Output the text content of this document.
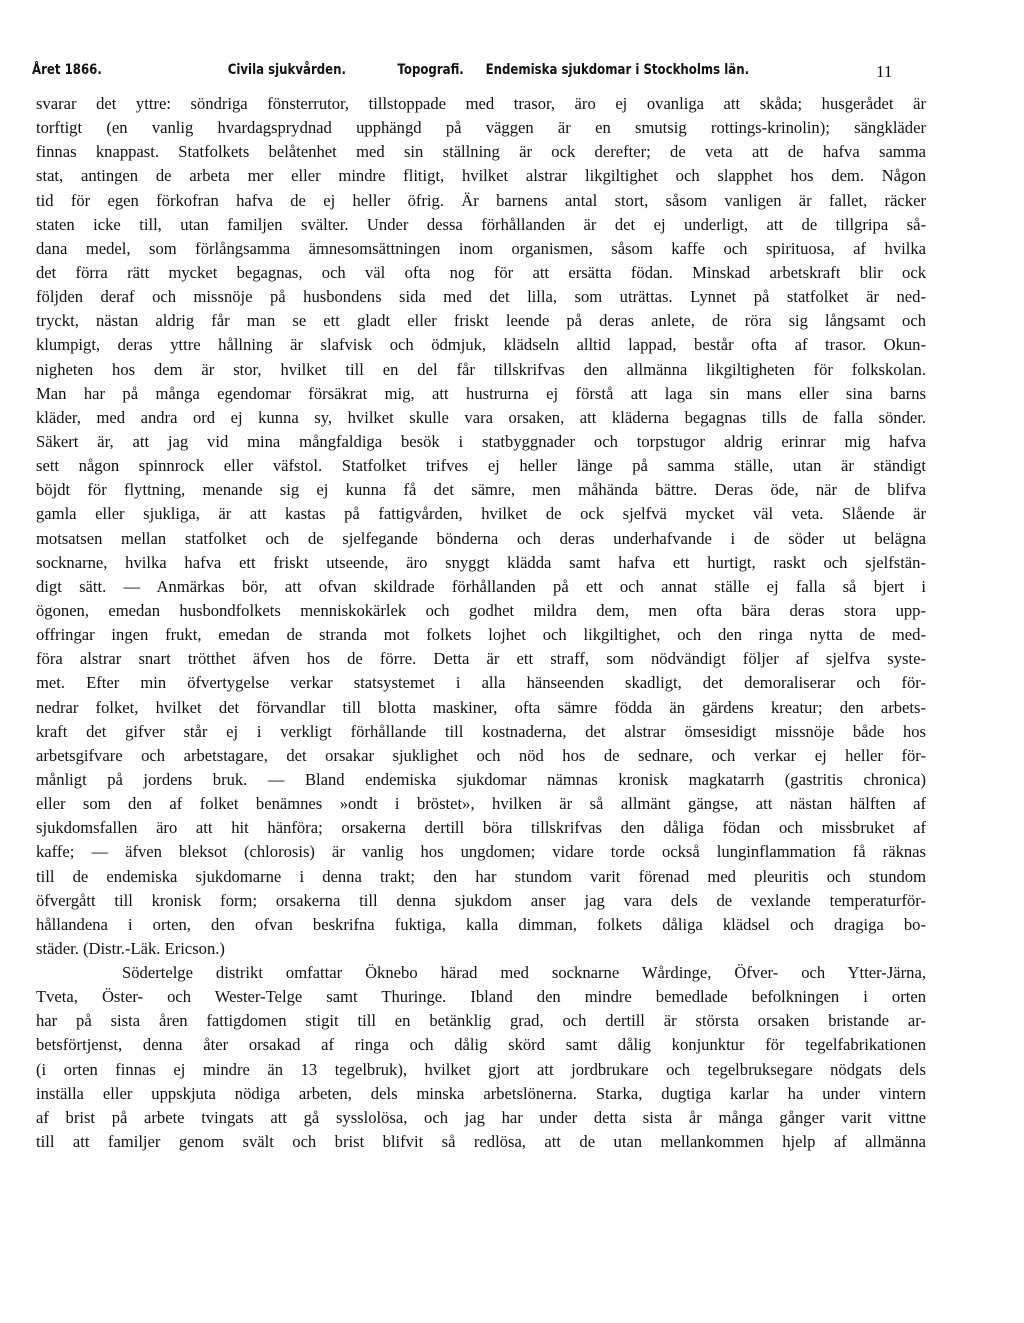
Året 1866.	Civila sjukvården.	Topografi. Endemiska sjukdomar i Stockholms län.	11
svarar det yttre: söndriga fönsterrutor, tillstoppade med trasor, äro ej ovanliga att skåda; husgerådet är
torftigt (en vanlig hvardagsprydnad upphängd på väggen är en smutsig rottings-krinolin); sängkläder
finnas knappast. Statfolkets belåtenhet med sin ställning är ock derefter; de veta att de hafva samma
stat, antingen de arbeta mer eller mindre flitigt, hvilket alstrar likgiltighet och slapphet hos dem. Någon
tid för egen förkofran hafva de ej heller öfrig. Är barnens antal stort, såsom vanligen är fallet, räcker
staten icke till, utan familjen svälter. Under dessa förhållanden är det ej underligt, att de tillgripa så-
dana medel, som förlångsamma ämnesomsättningen inom organismen, såsom kaffe och spirituosa, af hvilka
det förra rätt mycket begagnas, och väl ofta nog för att ersätta födan. Minskad arbetskraft blir ock
följden deraf och missnöje på husbondens sida med det lilla, som uträttas. Lynnet på statfolket är ned-
tryckt, nästan aldrig får man se ett gladt eller friskt leende på deras anlete, de röra sig långsamt och
klumpigt, deras yttre hållning är slafvisk och ödmjuk, klädseln alltid lappad, består ofta af trasor. Okun-
nigheten hos dem är stor, hvilket till en del får tillskrifvas den allmänna likgiltigheten för folkskolan.
Man har på många egendomar försäkrat mig, att hustrurna ej förstå att laga sin mans eller sina barns
kläder, med andra ord ej kunna sy, hvilket skulle vara orsaken, att kläderna begagnas tills de falla sönder.
Säkert är, att jag vid mina mångfaldiga besök i statbyggnader och torpstugor aldrig erinrar mig hafva
sett någon spinnrock eller väfstol. Statfolket trifves ej heller länge på samma ställe, utan är ständigt
böjdt för flyttning, menande sig ej kunna få det sämre, men måhända bättre. Deras öde, när de blifva
gamla eller sjukliga, är att kastas på fattigvården, hvilket de ock sjelfvä mycket väl veta. Slående är
motsatsen mellan statfolket och de sjelfegande bönderna och deras underhafvande i de söder ut belägna
socknarne, hvilka hafva ett friskt utseende, äro snyggt klädda samt hafva ett hurtigt, raskt och sjelfstän-
digt sätt. — Anmärkas bör, att ofvan skildrade förhållanden på ett och annat ställe ej falla så bjert i
ögonen, emedan husbondfolkets menniskokärlek och godhet mildra dem, men ofta bära deras stora upp-
offringar ingen frukt, emedan de stranda mot folkets lojhet och likgiltighet, och den ringa nytta de med-
föra alstrar snart trötthet äfven hos de förre. Detta är ett straff, som nödvändigt följer af sjelfva syste-
met. Efter min öfvertygelse verkar statsystemet i alla hänseenden skadligt, det demoraliserar och för-
nedrar folket, hvilket det förvandlar till blotta maskiner, ofta sämre födda än gärdens kreatur; den arbets-
kraft det gifver står ej i verkligt förhållande till kostnaderna, det alstrar ömsesidigt missnöje både hos
arbetsgifvare och arbetstagare, det orsakar sjuklighet och nöd hos de sednare, och verkar ej heller för-
månligt på jordens bruk. — Bland endemiska sjukdomar nämnas kronisk magkatarrh (gastritis chronica)
eller som den af folket benämnes »ondt i bröstet», hvilken är så allmänt gängse, att nästan hälften af
sjukdomsfallen äro att hit hänföra; orsakerna dertill böra tillskrifvas den dåliga födan och missbruket af
kaffe; — äfven bleksot (chlorosis) är vanlig hos ungdomen; vidare torde också lunginflammation få räknas
till de endemiska sjukdomarne i denna trakt; den har stundom varit förenad med pleuritis och stundom
öfvergått till kronisk form; orsakerna till denna sjukdom anser jag vara dels de vexlande temperaturför-
hållandena i orten, den ofvan beskrifna fuktiga, kalla dimman, folkets dåliga klädsel och dragiga bo-
städer. (Distr.-Läk. Ericson.)
Södertelge distrikt omfattar Öknebo härad med socknarne Wårdinge, Öfver- och Ytter-Järna,
Tveta, Öster- och Wester-Telge samt Thuringe. Ibland den mindre bemedlade befolkningen i orten
har på sista åren fattigdomen stigit till en betänklig grad, och dertill är största orsaken bristande ar-
betsförtjenst, denna åter orsakad af ringa och dålig skörd samt dålig konjunktur för tegelfabrikationen
(i orten finnas ej mindre än 13 tegelbruk), hvilket gjort att jordbrukare och tegelbruksegare nödgats dels
inställa eller uppskjuta nödiga arbeten, dels minska arbetslönerna. Starka, dugtiga karlar ha under vintern
af brist på arbete tvingats att gå sysslolösa, och jag har under detta sista år många gånger varit vittne
till att familjer genom svält och brist blifvit så redlösa, att de utan mellankommen hjelp af allmänna
